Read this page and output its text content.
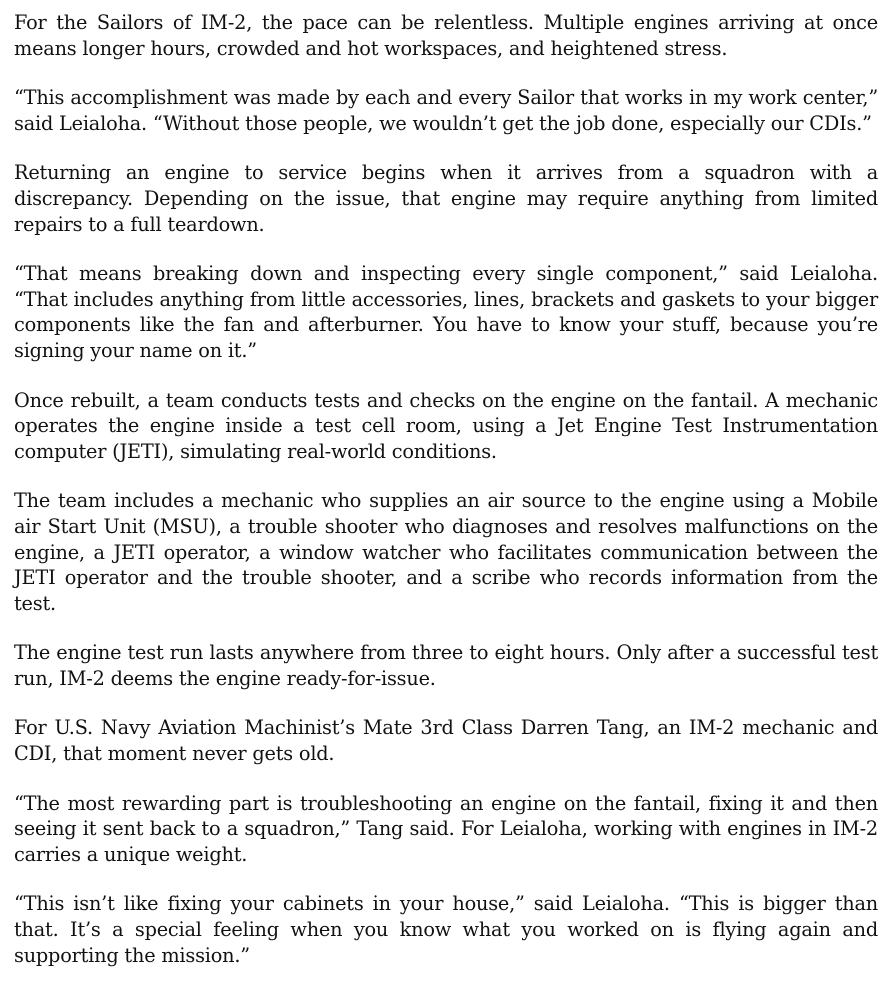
For the Sailors of IM-2, the pace can be relentless. Multiple engines arriving at once means longer hours, crowded and hot workspaces, and heightened stress.

“This accomplishment was made by each and every Sailor that works in my work center,” said Leialoha. “Without those people, we wouldn’t get the job done, especially our CDIs.”

Returning an engine to service begins when it arrives from a squadron with a discrepancy. Depending on the issue, that engine may require anything from limited repairs to a full teardown.

“That means breaking down and inspecting every single component,” said Leialoha. “That includes anything from little accessories, lines, brackets and gaskets to your bigger components like the fan and afterburner. You have to know your stuff, because you’re signing your name on it.”

Once rebuilt, a team conducts tests and checks on the engine on the fantail. A mechanic operates the engine inside a test cell room, using a Jet Engine Test Instrumentation computer (JETI), simulating real-world conditions.

The team includes a mechanic who supplies an air source to the engine using a Mobile air Start Unit (MSU), a trouble shooter who diagnoses and resolves malfunctions on the engine, a JETI operator, a window watcher who facilitates communication between the JETI operator and the trouble shooter, and a scribe who records information from the test.

The engine test run lasts anywhere from three to eight hours. Only after a successful test run, IM-2 deems the engine ready-for-issue.

For U.S. Navy Aviation Machinist’s Mate 3rd Class Darren Tang, an IM-2 mechanic and CDI, that moment never gets old.

“The most rewarding part is troubleshooting an engine on the fantail, fixing it and then seeing it sent back to a squadron,” Tang said. For Leialoha, working with engines in IM-2 carries a unique weight.

“This isn’t like fixing your cabinets in your house,” said Leialoha. “This is bigger than that. It’s a special feeling when you know what you worked on is flying again and supporting the mission.”
